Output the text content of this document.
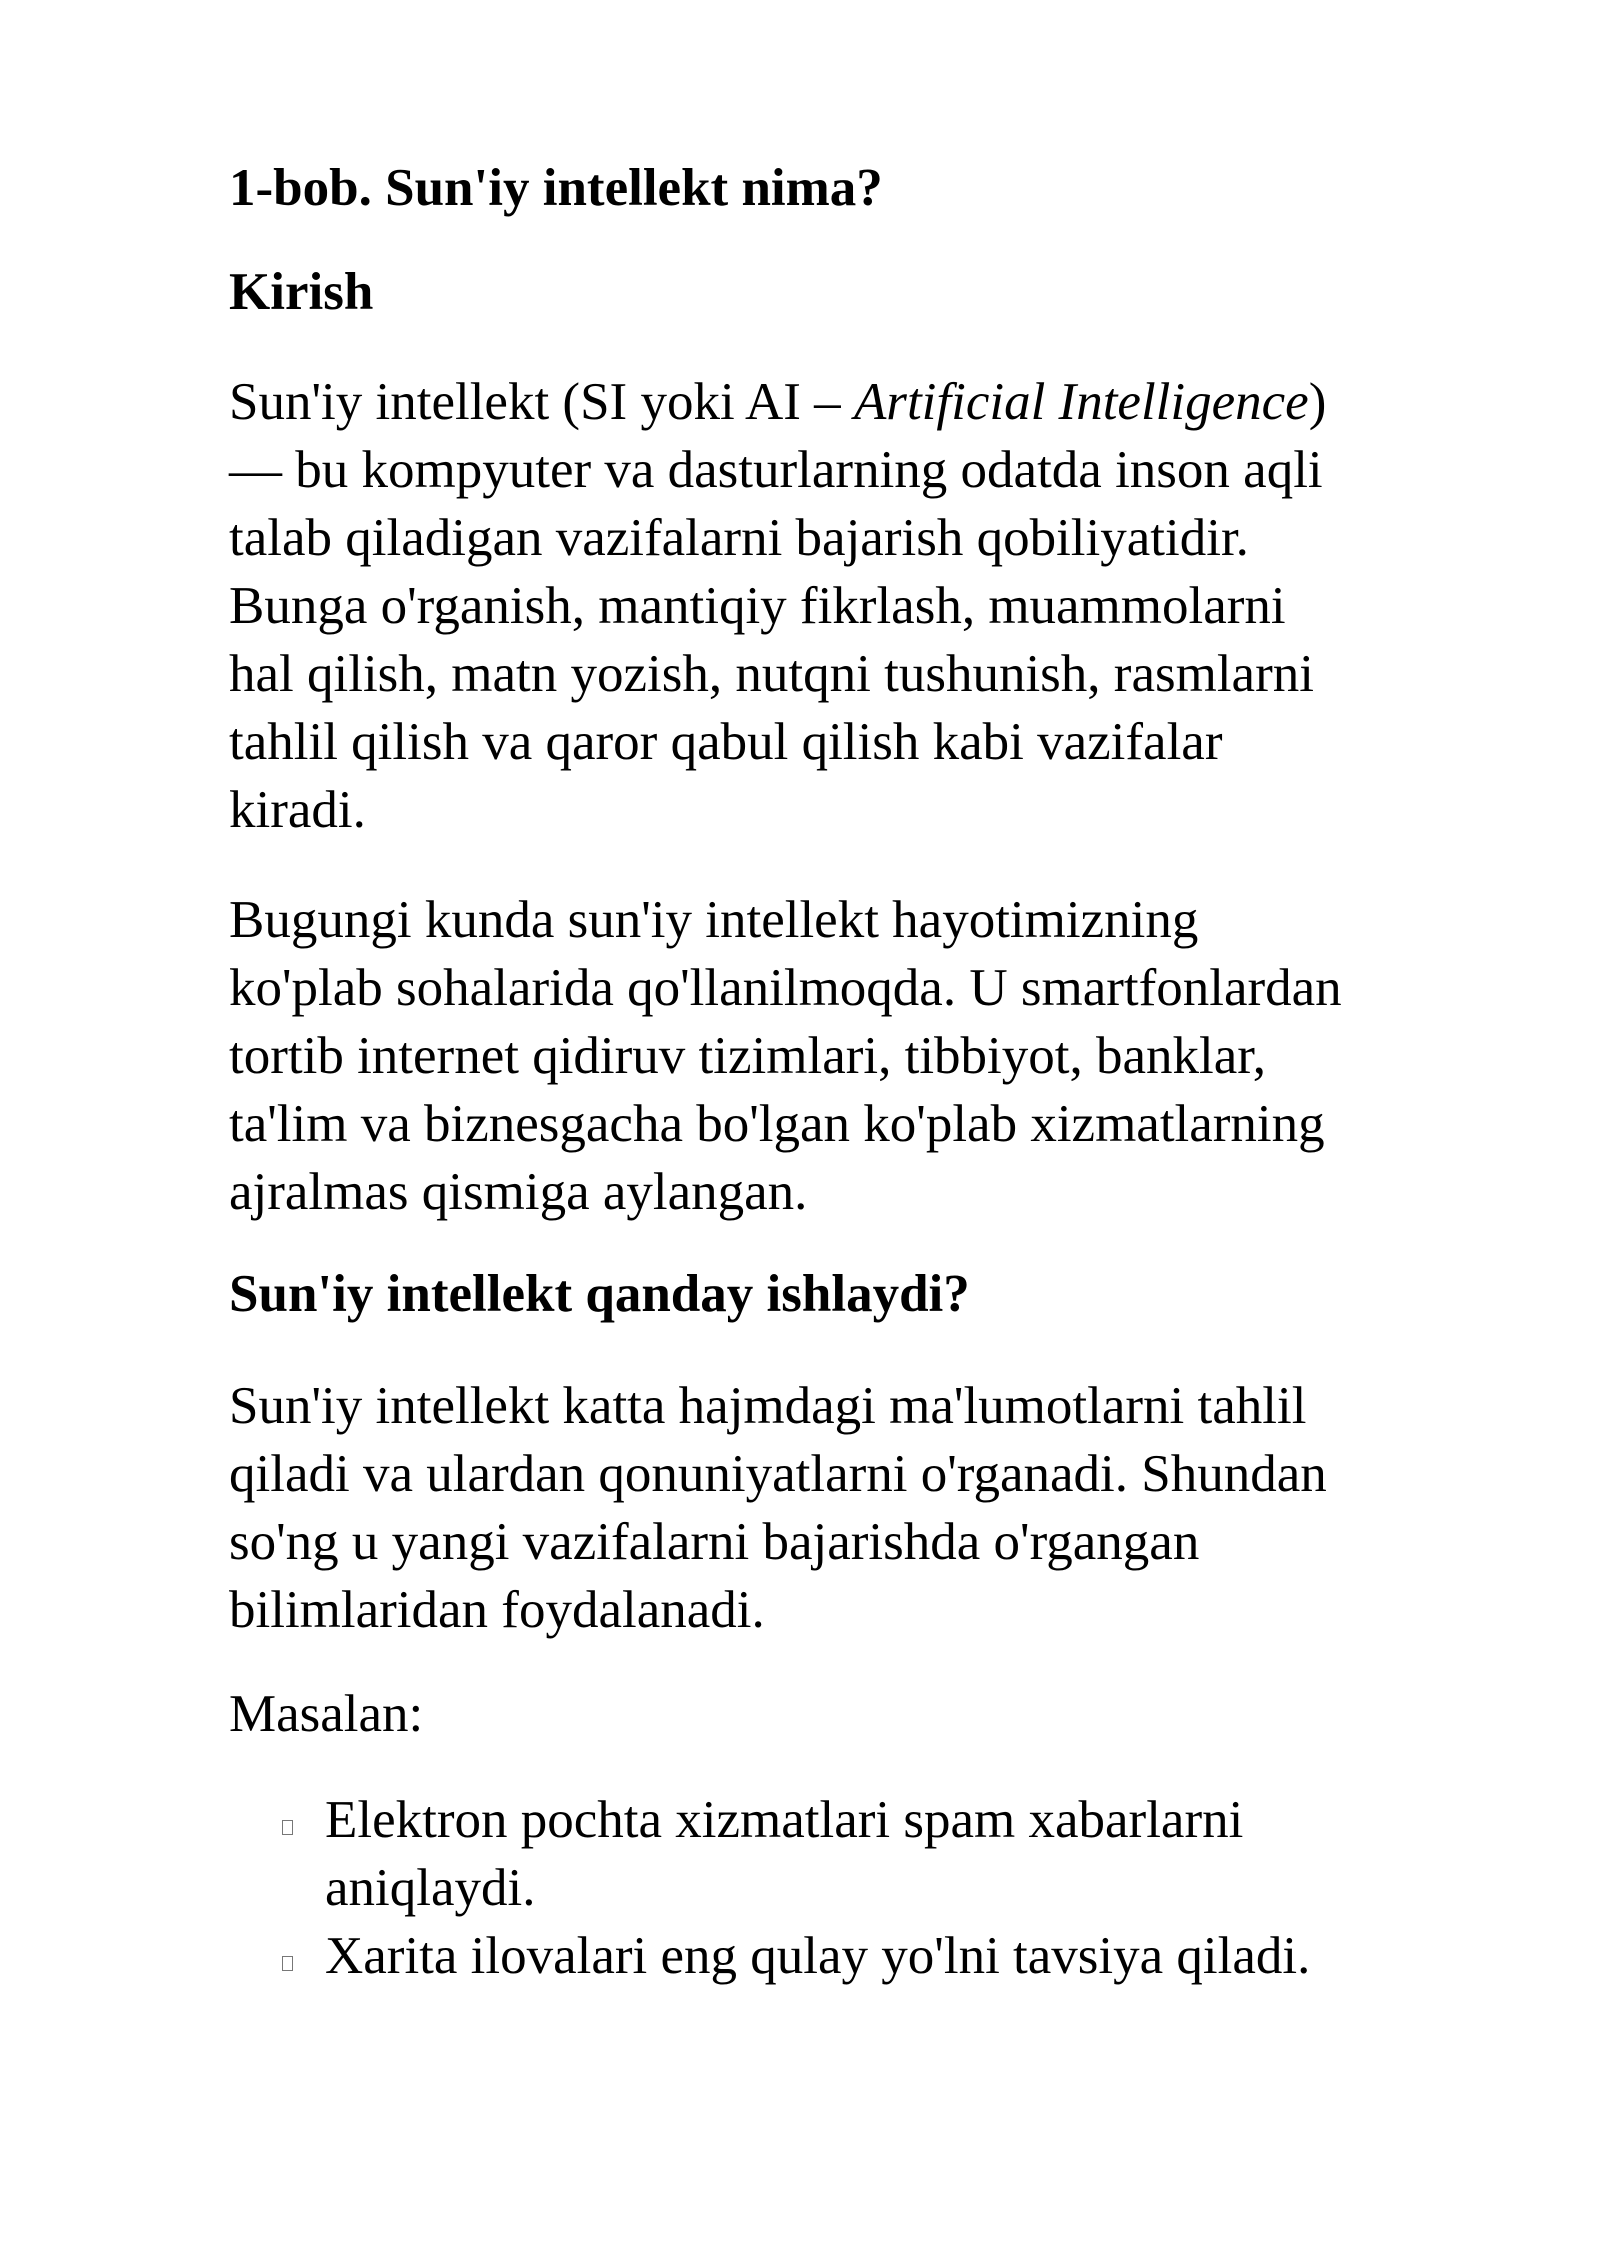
1-bob. Sun'iy intellekt nima?
Kirish

Sun'iy intellekt (SI yoki AI – Artificial Intelligence)
— bu kompyuter va dasturlarning odatda inson aqli
talab qiladigan vazifalarni bajarish qobiliyatidir.
Bunga o'rganish, mantiqiy fikrlash, muammolarni
hal qilish, matn yozish, nutqni tushunish, rasmlarni
tahlil qilish va qaror qabul qilish kabi vazifalar
kiradi.

Bugungi kunda sun'iy intellekt hayotimizning
ko'plab sohalarida qo'llanilmoqda. U smartfonlardan
tortib internet qidiruv tizimlari, tibbiyot, banklar,
ta'lim va biznesgacha bo'lgan ko'plab xizmatlarning
ajralmas qismiga aylangan.

Sun'iy intellekt qanday ishlaydi?

Sun'iy intellekt katta hajmdagi ma'lumotlarni tahlil
qiladi va ulardan qonuniyatlarni o'rganadi. Shundan
so'ng u yangi vazifalarni bajarishda o'rgangan
bilimlaridan foydalanadi.

Masalan:

Elektron pochta xizmatlari spam xabarlarni
aniqlaydi.
Xarita ilovalari eng qulay yo'lni tavsiya qiladi.
